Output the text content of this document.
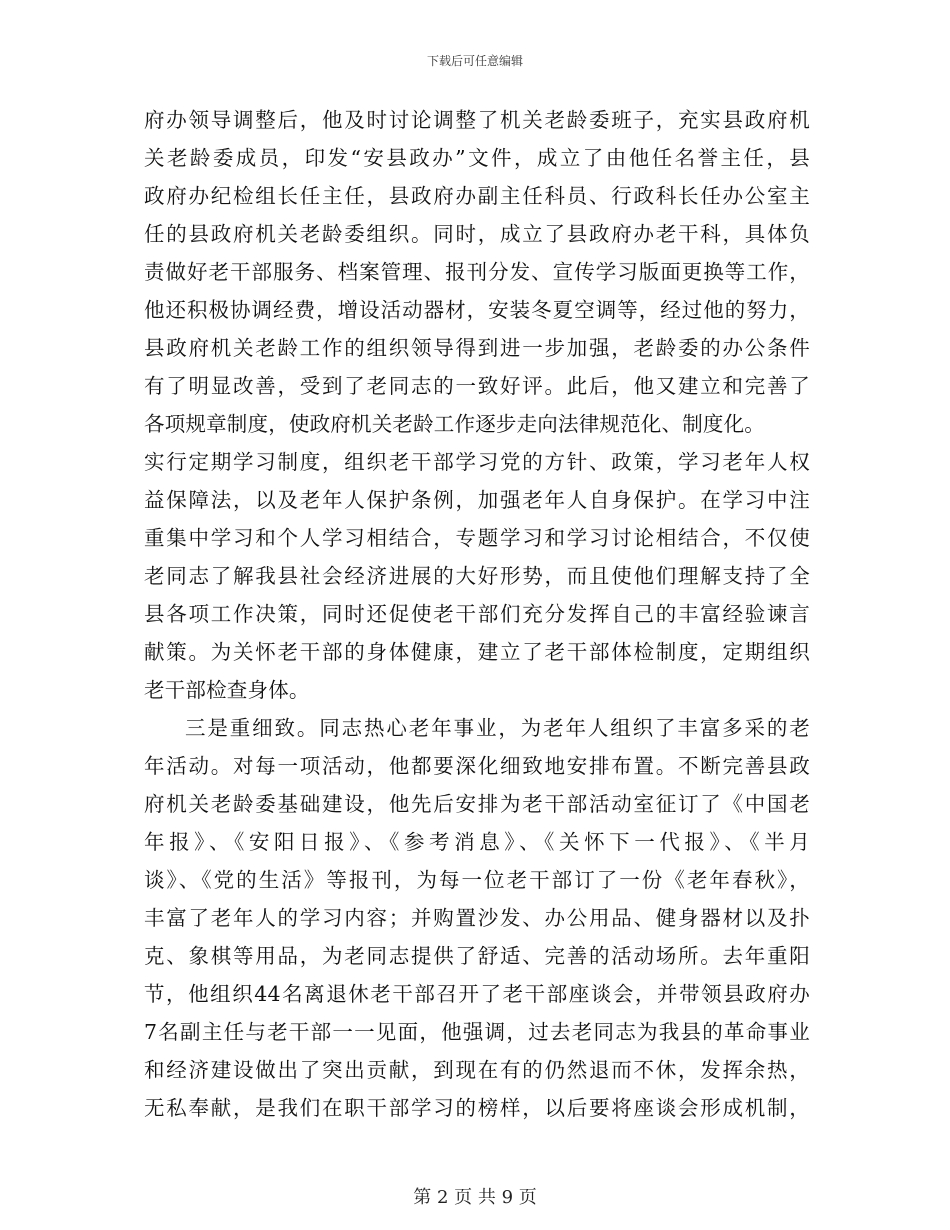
下载后可任意编辑
府办领导调整后，他及时讨论调整了机关老龄委班子，充实县政府机
关老龄委成员，印发“安县政办”文件，成立了由他任名誉主任，县
政府办纪检组长任主任，县政府办副主任科员、行政科长任办公室主
任的县政府机关老龄委组织。同时，成立了县政府办老干科，具体负
责做好老干部服务、档案管理、报刊分发、宣传学习版面更换等工作，
他还积极协调经费，增设活动器材，安装冬夏空调等，经过他的努力，
县政府机关老龄工作的组织领导得到进一步加强，老龄委的办公条件
有了明显改善，受到了老同志的一致好评。此后，他又建立和完善了
各项规章制度，使政府机关老龄工作逐步走向法律规范化、制度化。
实行定期学习制度，组织老干部学习党的方针、政策，学习老年人权
益保障法，以及老年人保护条例，加强老年人自身保护。在学习中注
重集中学习和个人学习相结合，专题学习和学习讨论相结合，不仅使
老同志了解我县社会经济进展的大好形势，而且使他们理解支持了全
县各项工作决策，同时还促使老干部们充分发挥自己的丰富经验谏言
献策。为关怀老干部的身体健康，建立了老干部体检制度，定期组织
老干部检查身体。
三是重细致。同志热心老年事业，为老年人组织了丰富多采的老
年活动。对每一项活动，他都要深化细致地安排布置。不断完善县政
府机关老龄委基础建设，他先后安排为老干部活动室征订了《中国老
年报》、《安阳日报》、《参考消息》、《关怀下一代报》、《半月
谈》、《党的生活》等报刊，为每一位老干部订了一份《老年春秋》，
丰富了老年人的学习内容；并购置沙发、办公用品、健身器材以及扑
克、象棋等用品，为老同志提供了舒适、完善的活动场所。去年重阳
节，他组织44名离退休老干部召开了老干部座谈会，并带领县政府办
7名副主任与老干部一一见面，他强调，过去老同志为我县的革命事业
和经济建设做出了突出贡献，到现在有的仍然退而不休，发挥余热，
无私奉献，是我们在职干部学习的榜样，以后要将座谈会形成机制，
第 2 页 共 9 页
